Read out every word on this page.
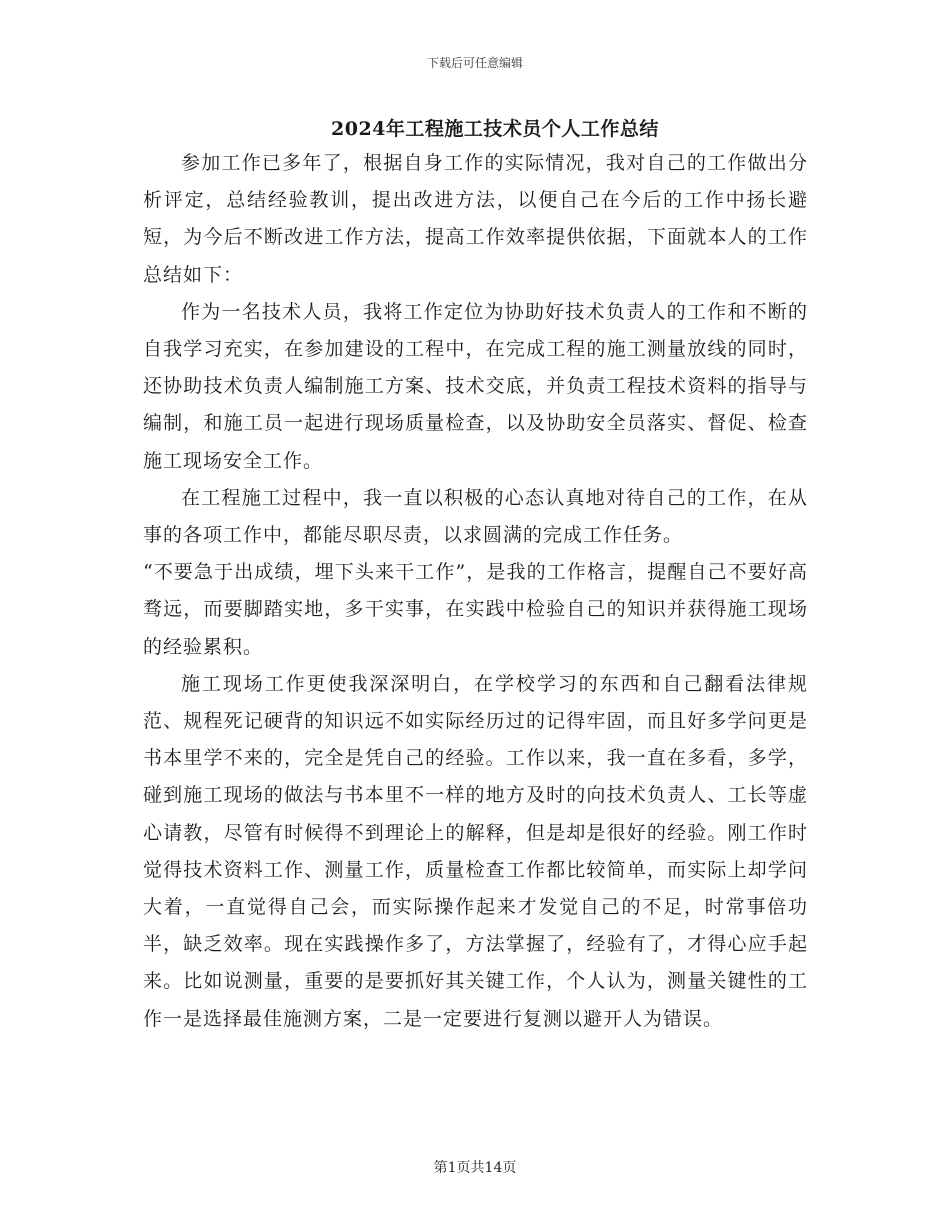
下载后可任意编辑
2024年工程施工技术员个人工作总结

参加工作已多年了，根据自身工作的实际情况，我对自己的工作做出分析评定，总结经验教训，提出改进方法，以便自己在今后的工作中扬长避短，为今后不断改进工作方法，提高工作效率提供依据，下面就本人的工作总结如下：

作为一名技术人员，我将工作定位为协助好技术负责人的工作和不断的自我学习充实，在参加建设的工程中，在完成工程的施工测量放线的同时，还协助技术负责人编制施工方案、技术交底，并负责工程技术资料的指导与编制，和施工员一起进行现场质量检查，以及协助安全员落实、督促、检查施工现场安全工作。

在工程施工过程中，我一直以积极的心态认真地对待自己的工作，在从事的各项工作中，都能尽职尽责，以求圆满的完成工作任务。

“不要急于出成绩，埋下头来干工作”，是我的工作格言，提醒自己不要好高骛远，而要脚踏实地，多干实事，在实践中检验自己的知识并获得施工现场的经验累积。

施工现场工作更使我深深明白，在学校学习的东西和自己翻看法律规范、规程死记硬背的知识远不如实际经历过的记得牢固，而且好多学问更是书本里学不来的，完全是凭自己的经验。工作以来，我一直在多看，多学，碰到施工现场的做法与书本里不一样的地方及时的向技术负责人、工长等虚心请教，尽管有时候得不到理论上的解释，但是却是很好的经验。刚工作时觉得技术资料工作、测量工作，质量检查工作都比较简单，而实际上却学问大着，一直觉得自己会，而实际操作起来才发觉自己的不足，时常事倍功半，缺乏效率。现在实践操作多了，方法掌握了，经验有了，才得心应手起来。比如说测量，重要的是要抓好其关键工作，个人认为，测量关键性的工作一是选择最佳施测方案，二是一定要进行复测以避开人为错误。

第1页共14页
